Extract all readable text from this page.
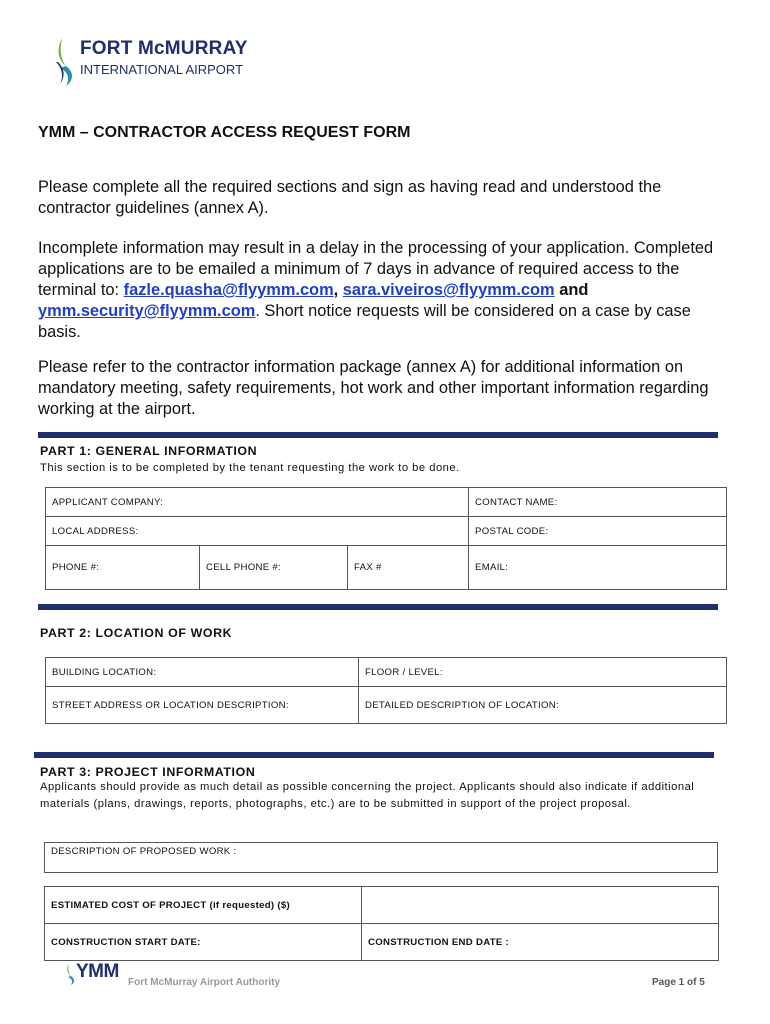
FORT McMURRAY
INTERNATIONAL AIRPORT
YMM – CONTRACTOR ACCESS REQUEST FORM
Please complete all the required sections and sign as having read and understood the contractor guidelines (annex A).
Incomplete information may result in a delay in the processing of your application. Completed applications are to be emailed a minimum of 7 days in advance of required access to the terminal to: fazle.quasha@flyymm.com, sara.viveiros@flyymm.com and ymm.security@flyymm.com. Short notice requests will be considered on a case by case basis.
Please refer to the contractor information package (annex A) for additional information on mandatory meeting, safety requirements, hot work and other important information regarding working at the airport.
PART 1: GENERAL INFORMATION
This section is to be completed by the tenant requesting the work to be done.
APPLICANT COMPANY:			CONTACT NAME:
LOCAL ADDRESS:			POSTAL CODE:
PHONE #:	CELL PHONE #:	FAX #	EMAIL:
PART 2: LOCATION OF WORK
BUILDING LOCATION:	FLOOR / LEVEL:
STREET ADDRESS OR LOCATION DESCRIPTION:	DETAILED DESCRIPTION OF LOCATION:
PART 3: PROJECT INFORMATION
Applicants should provide as much detail as possible concerning the project. Applicants should also indicate if additional materials (plans, drawings, reports, photographs, etc.) are to be submitted in support of the project proposal.
DESCRIPTION OF PROPOSED WORK :
ESTIMATED COST OF PROJECT (if requested) ($)	
CONSTRUCTION START DATE:	CONSTRUCTION END DATE :
YMM
Fort McMurray Airport Authority	Page 1 of 5
